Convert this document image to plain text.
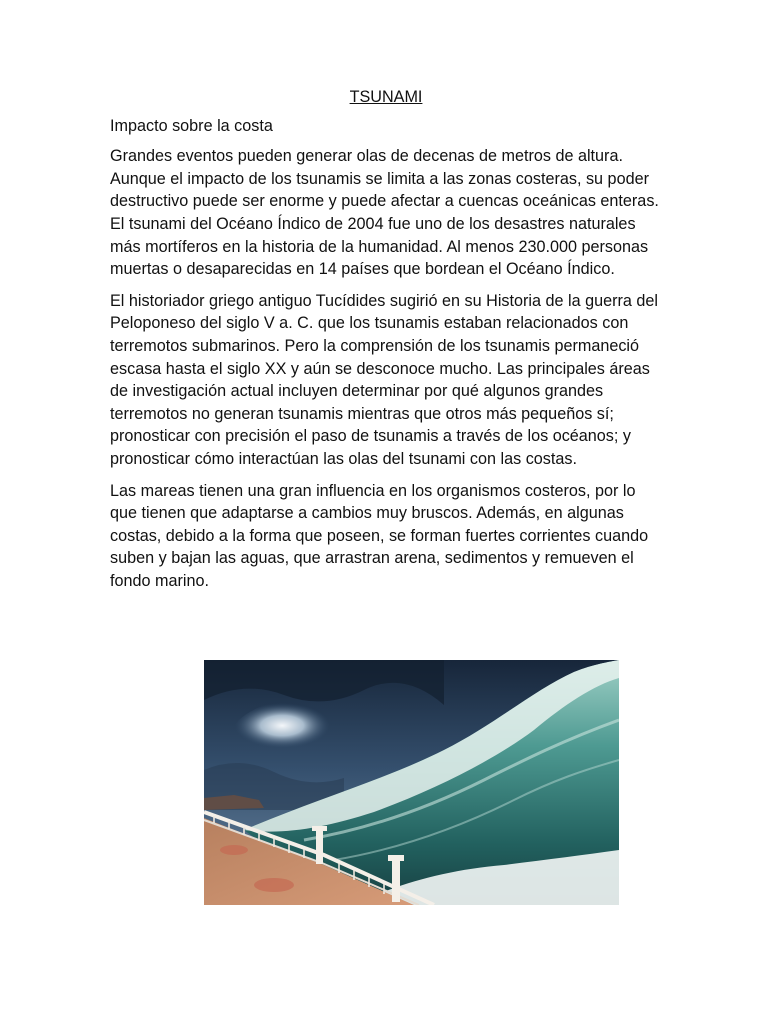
TSUNAMI

Impacto sobre la costa

Grandes eventos pueden generar olas de decenas de metros de altura. Aunque el impacto de los tsunamis se limita a las zonas costeras, su poder destructivo puede ser enorme y puede afectar a cuencas oceánicas enteras. El tsunami del Océano Índico de 2004 fue uno de los desastres naturales más mortíferos en la historia de la humanidad. Al menos 230.000 personas muertas o desaparecidas en 14 países que bordean el Océano Índico.

El historiador griego antiguo Tucídides sugirió en su Historia de la guerra del Peloponeso del siglo V a. C. que los tsunamis estaban relacionados con terremotos submarinos. Pero la comprensión de los tsunamis permaneció escasa hasta el siglo XX y aún se desconoce mucho. Las principales áreas de investigación actual incluyen determinar por qué algunos grandes terremotos no generan tsunamis mientras que otros más pequeños sí; pronosticar con precisión el paso de tsunamis a través de los océanos; y pronosticar cómo interactúan las olas del tsunami con las costas.

Las mareas tienen una gran influencia en los organismos costeros, por lo que tienen que adaptarse a cambios muy bruscos. Además, en algunas costas, debido a la forma que poseen, se forman fuertes corrientes cuando suben y bajan las aguas, que arrastran arena, sedimentos y remueven el fondo marino.
